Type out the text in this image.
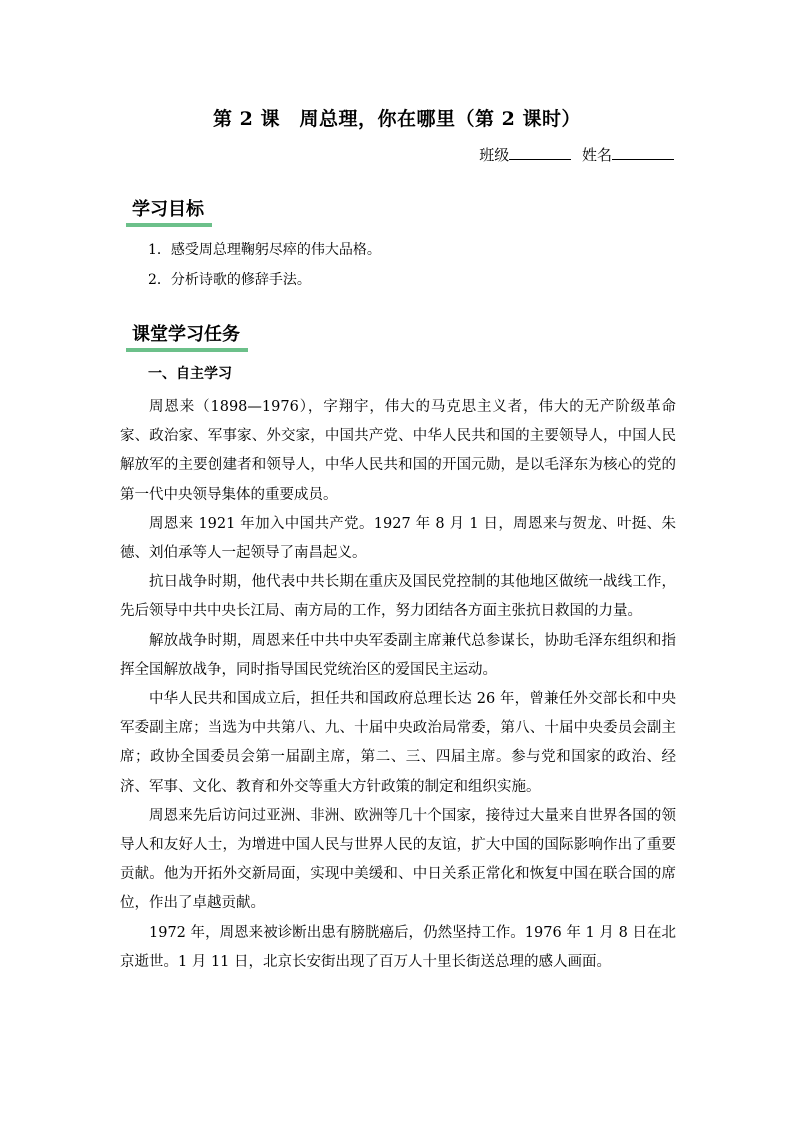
第 2 课　周总理，你在哪里（第 2 课时）
班级	姓名
学习目标
1．感受周总理鞠躬尽瘁的伟大品格。
2．分析诗歌的修辞手法。
课堂学习任务
一、自主学习

周恩来（1898—1976），字翔宇，伟大的马克思主义者，伟大的无产阶级革命家、政治家、军事家、外交家，中国共产党、中华人民共和国的主要领导人，中国人民解放军的主要创建者和领导人，中华人民共和国的开国元勋，是以毛泽东为核心的党的第一代中央领导集体的重要成员。

周恩来 1921 年加入中国共产党。1927 年 8 月 1 日，周恩来与贺龙、叶挺、朱德、刘伯承等人一起领导了南昌起义。

抗日战争时期，他代表中共长期在重庆及国民党控制的其他地区做统一战线工作，先后领导中共中央长江局、南方局的工作，努力团结各方面主张抗日救国的力量。

解放战争时期，周恩来任中共中央军委副主席兼代总参谋长，协助毛泽东组织和指挥全国解放战争，同时指导国民党统治区的爱国民主运动。

中华人民共和国成立后，担任共和国政府总理长达 26 年，曾兼任外交部长和中央军委副主席；当选为中共第八、九、十届中央政治局常委，第八、十届中央委员会副主席；政协全国委员会第一届副主席，第二、三、四届主席。参与党和国家的政治、经济、军事、文化、教育和外交等重大方针政策的制定和组织实施。

周恩来先后访问过亚洲、非洲、欧洲等几十个国家，接待过大量来自世界各国的领导人和友好人士，为增进中国人民与世界人民的友谊，扩大中国的国际影响作出了重要贡献。他为开拓外交新局面，实现中美缓和、中日关系正常化和恢复中国在联合国的席位，作出了卓越贡献。

1972 年，周恩来被诊断出患有膀胱癌后，仍然坚持工作。1976 年 1 月 8 日在北京逝世。1 月 11 日，北京长安街出现了百万人十里长街送总理的感人画面。
